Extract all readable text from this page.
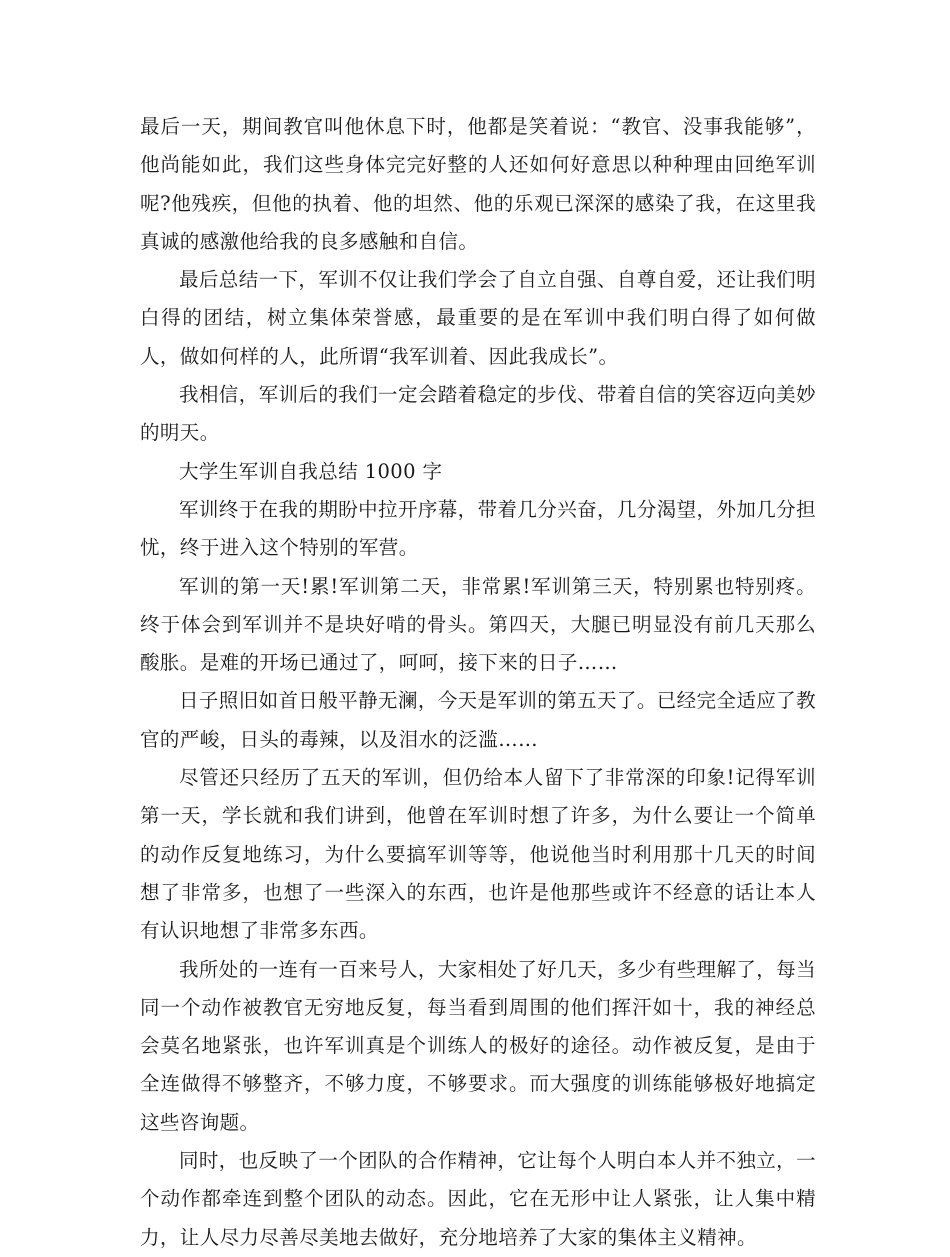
最后一天，期间教官叫他休息下时，他都是笑着说：“教官、没事我能够”，他尚能如此，我们这些身体完完好整的人还如何好意思以种种理由回绝军训呢?他残疾，但他的执着、他的坦然、他的乐观已深深的感染了我，在这里我真诚的感激他给我的良多感触和自信。

最后总结一下，军训不仅让我们学会了自立自强、自尊自爱，还让我们明白得的团结，树立集体荣誉感，最重要的是在军训中我们明白得了如何做人，做如何样的人，此所谓“我军训着、因此我成长”。

我相信，军训后的我们一定会踏着稳定的步伐、带着自信的笑容迈向美妙的明天。

大学生军训自我总结 1000 字

军训终于在我的期盼中拉开序幕，带着几分兴奋，几分渴望，外加几分担忧，终于进入这个特别的军营。

军训的第一天!累!军训第二天，非常累!军训第三天，特别累也特别疼。终于体会到军训并不是块好啃的骨头。第四天，大腿已明显没有前几天那么酸胀。是难的开场已通过了，呵呵，接下来的日子……

日子照旧如首日般平静无澜，今天是军训的第五天了。已经完全适应了教官的严峻，日头的毒辣，以及泪水的泛滥……

尽管还只经历了五天的军训，但仍给本人留下了非常深的印象!记得军训第一天，学长就和我们讲到，他曾在军训时想了许多，为什么要让一个简单的动作反复地练习，为什么要搞军训等等，他说他当时利用那十几天的时间想了非常多，也想了一些深入的东西，也许是他那些或许不经意的话让本人有认识地想了非常多东西。

我所处的一连有一百来号人，大家相处了好几天，多少有些理解了，每当同一个动作被教官无穷地反复，每当看到周围的他们挥汗如十，我的神经总会莫名地紧张，也许军训真是个训练人的极好的途径。动作被反复，是由于全连做得不够整齐，不够力度，不够要求。而大强度的训练能够极好地搞定这些咨询题。

同时，也反映了一个团队的合作精神，它让每个人明白本人并不独立，一个动作都牵连到整个团队的动态。因此，它在无形中让人紧张，让人集中精力，让人尽力尽善尽美地去做好，充分地培养了大家的集体主义精神。
